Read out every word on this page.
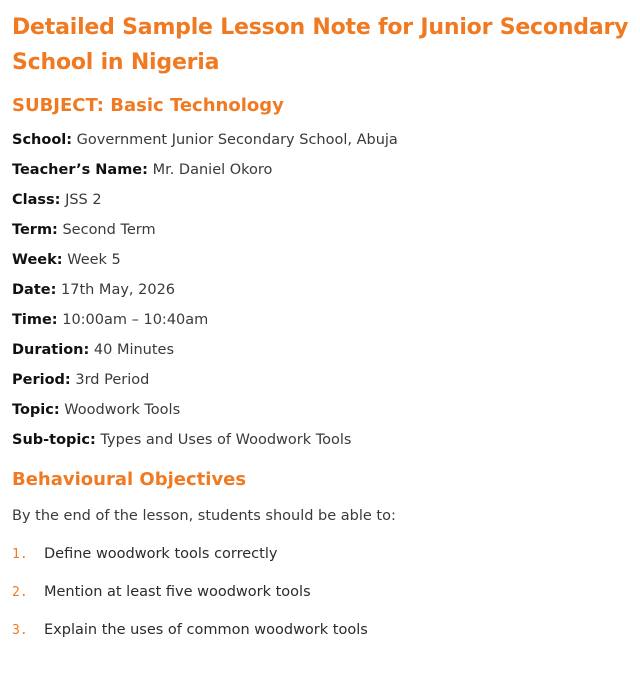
Detailed Sample Lesson Note for Junior Secondary School in Nigeria
SUBJECT: Basic Technology
School: Government Junior Secondary School, Abuja
Teacher’s Name: Mr. Daniel Okoro
Class: JSS 2
Term: Second Term
Week: Week 5
Date: 17th May, 2026
Time: 10:00am – 10:40am
Duration: 40 Minutes
Period: 3rd Period
Topic: Woodwork Tools
Sub-topic: Types and Uses of Woodwork Tools
Behavioural Objectives
By the end of the lesson, students should be able to:
1. Define woodwork tools correctly
2. Mention at least five woodwork tools
3. Explain the uses of common woodwork tools
